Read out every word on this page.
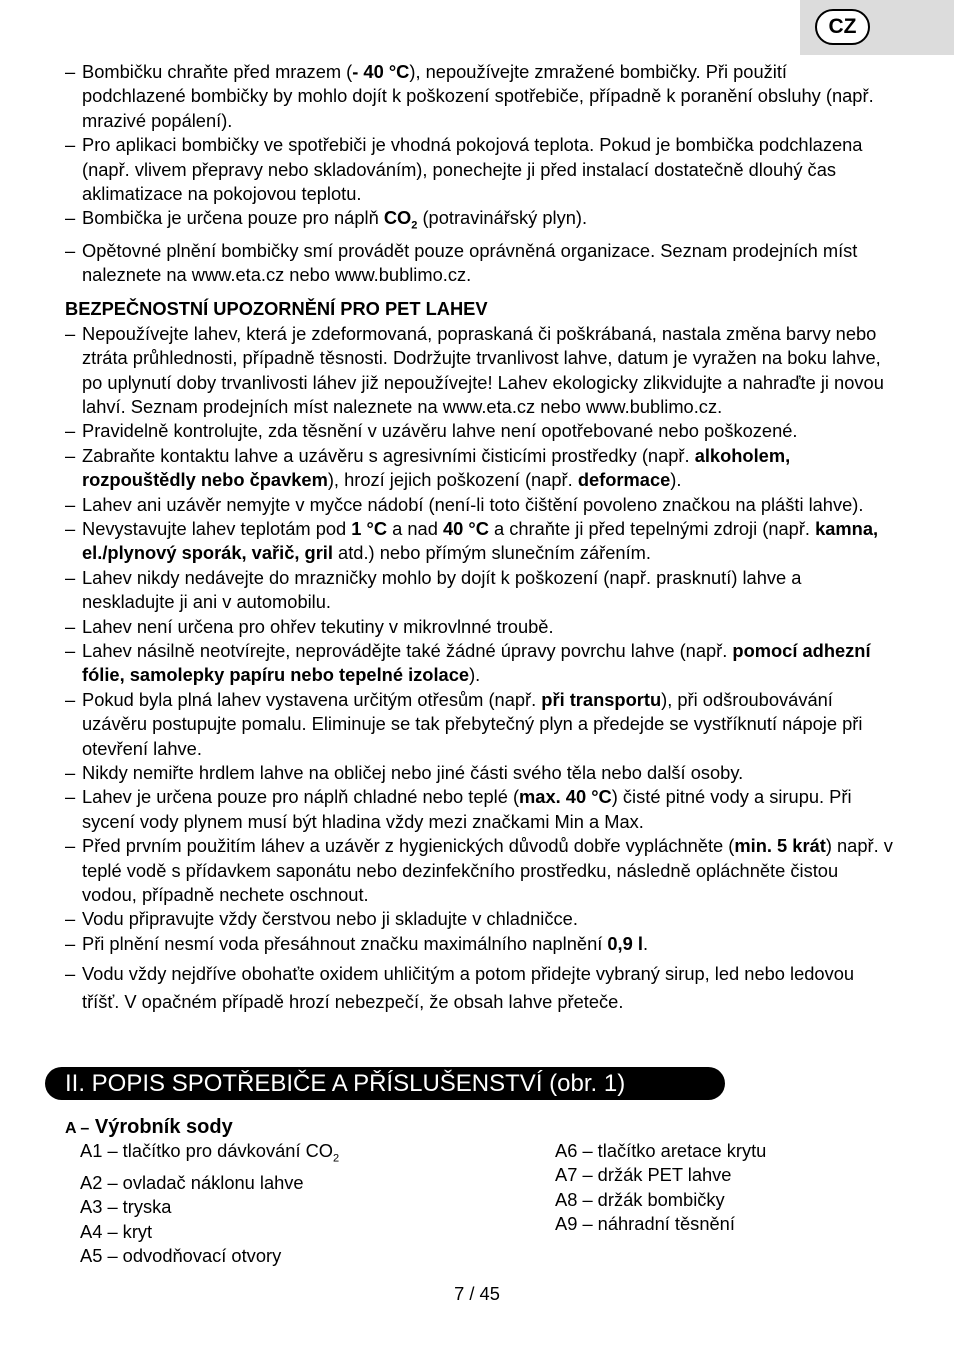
CZ
– Bombičku chraňte před mrazem (- 40 °C), nepoužívejte zmražené bombičky. Při použití podchlazené bombičky by mohlo dojít k poškození spotřebiče, případně k poranění obsluhy (např. mrazivé popálení).
– Pro aplikaci bombičky ve spotřebiči je vhodná pokojová teplota. Pokud je bombička podchlazena (např. vlivem přepravy nebo skladováním), ponechejte ji před instalací dostatečně dlouhý čas aklimatizace na pokojovou teplotu.
– Bombička je určena pouze pro náplň $CO_2$ (potravinářský plyn).
– Opětovné plnění bombičky smí provádět pouze oprávněná organizace. Seznam prodejních míst naleznete na www.eta.cz nebo www.bublimo.cz.
BEZPEČNOSTNÍ UPOZORNĚNÍ PRO PET LAHEV
– Nepoužívejte lahev, která je zdeformovaná, popraskaná či poškrábaná, nastala změna barvy nebo ztráta průhlednosti, případně těsnosti. Dodržujte trvanlivost lahve, datum je vyražen na boku lahve, po uplynutí doby trvanlivosti láhev již nepoužívejte! Lahev ekologicky zlikvidujte a nahraďte ji novou lahví. Seznam prodejních míst naleznete na www.eta.cz nebo www.bublimo.cz.
– Pravidelně kontrolujte, zda těsnění v uzávěru lahve není opotřebované nebo poškozené.
– Zabraňte kontaktu lahve a uzávěru s agresivními čisticími prostředky (např. alkoholem, rozpouštědly nebo čpavkem), hrozí jejich poškození (např. deformace).
– Lahev ani uzávěr nemyjte v myčce nádobí (není-li toto čištění povoleno značkou na plášti lahve).
– Nevystavujte lahev teplotám pod 1 °C a nad 40 °C a chraňte ji před tepelnými zdroji (např. kamna, el./plynový sporák, vařič, gril atd.) nebo přímým slunečním zářením.
– Lahev nikdy nedávejte do mrazničky mohlo by dojít k poškození (např. prasknutí) lahve a neskladujte ji ani v automobilu.
– Lahev není určena pro ohřev tekutiny v mikrovlnné troubě.
– Lahev násilně neotvírejte, neprovádějte také žádné úpravy povrchu lahve (např. pomocí adhezní fólie, samolepky papíru nebo tepelné izolace).
– Pokud byla plná lahev vystavena určitým otřesům (např. při transportu), při odšroubovávání uzávěru postupujte pomalu. Eliminuje se tak přebytečný plyn a předejde se vystříknutí nápoje při otevření lahve.
– Nikdy nemiřte hrdlem lahve na obličej nebo jiné části svého těla nebo další osoby.
– Lahev je určena pouze pro náplň chladné nebo teplé (max. 40 °C) čisté pitné vody a sirupu. Při sycení vody plynem musí být hladina vždy mezi značkami Min a Max.
– Před prvním použitím láhev a uzávěr z hygienických důvodů dobře vypláchněte (min. 5 krát) např. v teplé vodě s přídavkem saponátu nebo dezinfekčního prostředku, následně opláchněte čistou vodou, případně nechete oschnout.
– Vodu připravujte vždy čerstvou nebo ji skladujte v chladničce.
– Při plnění nesmí voda přesáhnout značku maximálního naplnění 0,9 l.
– Vodu vždy nejdříve obohaťte oxidem uhličitým a potom přidejte vybraný sirup, led nebo ledovou tříšť. V opačném případě hrozí nebezpečí, že obsah lahve přeteče.
II. POPIS SPOTŘEBIČE A PŘÍSLUŠENSTVÍ (obr. 1)
A – Výrobník sody
A1 – tlačítko pro dávkování $CO_2$
A2 – ovladač náklonu lahve
A3 – tryska
A4 – kryt
A5 – odvodňovací otvory
A6 – tlačítko aretace krytu
A7 – držák PET lahve
A8 – držák bombičky
A9 – náhradní těsnění
7 / 45
